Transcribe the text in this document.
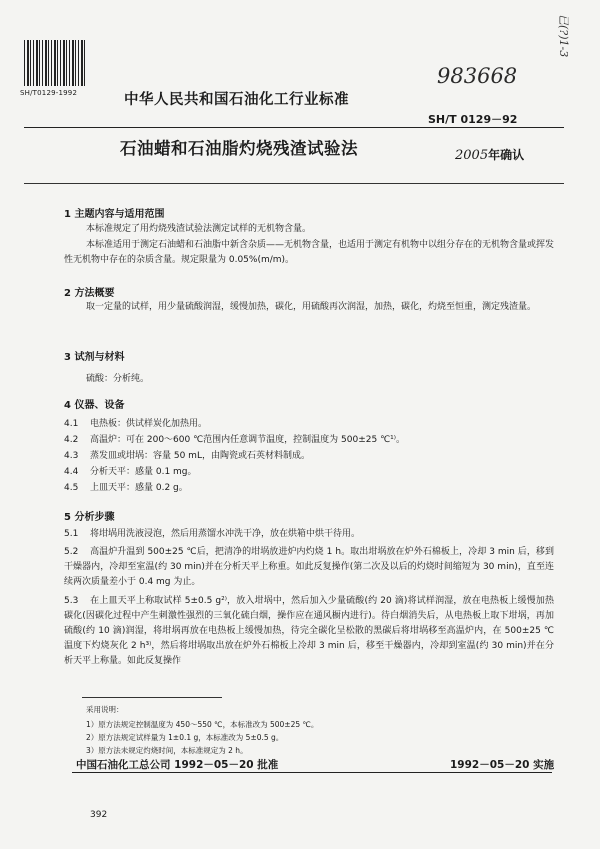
SH/T0129-1992
983668
已(?)1-3
中华人民共和国石油化工行业标准
SH/T 0129－92
石油蜡和石油脂灼烧残渣试验法	2005年确认
1 主题内容与适用范围
本标准规定了用灼烧残渣试验法测定试样的无机物含量。
本标准适用于测定石油蜡和石油脂中新含杂质——无机物含量，也适用于测定有机物中以组分存在的无机物含量或挥发性无机物中存在的杂质含量。规定限量为 0.05%(m/m)。
2 方法概要
取一定量的试样，用少量硫酸润湿，缓慢加热，碳化，用硫酸再次润湿，加热，碳化，灼烧至恒重，测定残渣量。
3 试剂与材料
硫酸：分析纯。
4 仪器、设备
4.1 电热板：供试样炭化加热用。
4.2 高温炉：可在 200～600 ℃范围内任意调节温度，控制温度为 500±25 ℃¹⁾。
4.3 蒸发皿或坩埚：容量 50 mL，由陶瓷或石英材料制成。
4.4 分析天平：感量 0.1 mg。
4.5 上皿天平：感量 0.2 g。
5 分析步骤
5.1 将坩埚用洗液浸泡，然后用蒸馏水冲洗干净，放在烘箱中烘干待用。
5.2 高温炉升温到 500±25 ℃后，把清净的坩埚放进炉内灼烧 1 h。取出坩埚放在炉外石棉板上，冷却 3 min 后，移到干燥器内，冷却至室温(约 30 min)并在分析天平上称重。如此反复操作(第二次及以后的灼烧时间缩短为 30 min)，直至连续两次质量差小于 0.4 mg 为止。
5.3 在上皿天平上称取试样 5±0.5 g²⁾，放入坩埚中，然后加入少量硫酸(约 20 滴)将试样润湿，放在电热板上缓慢加热碳化(因碳化过程中产生刺激性强烈的三氧化硫白烟，操作应在通风橱内进行)。待白烟消失后，从电热板上取下坩埚，再加硫酸(约 10 滴)润湿，将坩埚再放在电热板上缓慢加热，待完全碳化呈松散的黑碳后将坩埚移至高温炉内，在 500±25 ℃温度下灼烧灰化 2 h³⁾，然后将坩埚取出放在炉外石棉板上冷却 3 min 后，移至干燥器内，冷却到室温(约 30 min)并在分析天平上称量。如此反复操作
采用说明：
1）原方法规定控制温度为 450～550 ℃，本标准改为 500±25 ℃。
2）原方法规定试样量为 1±0.1 g，本标准改为 5±0.5 g。
3）原方法未规定灼烧时间，本标准规定为 2 h。
中国石油化工总公司 1992－05－20 批准	1992－05－20 实施
392
